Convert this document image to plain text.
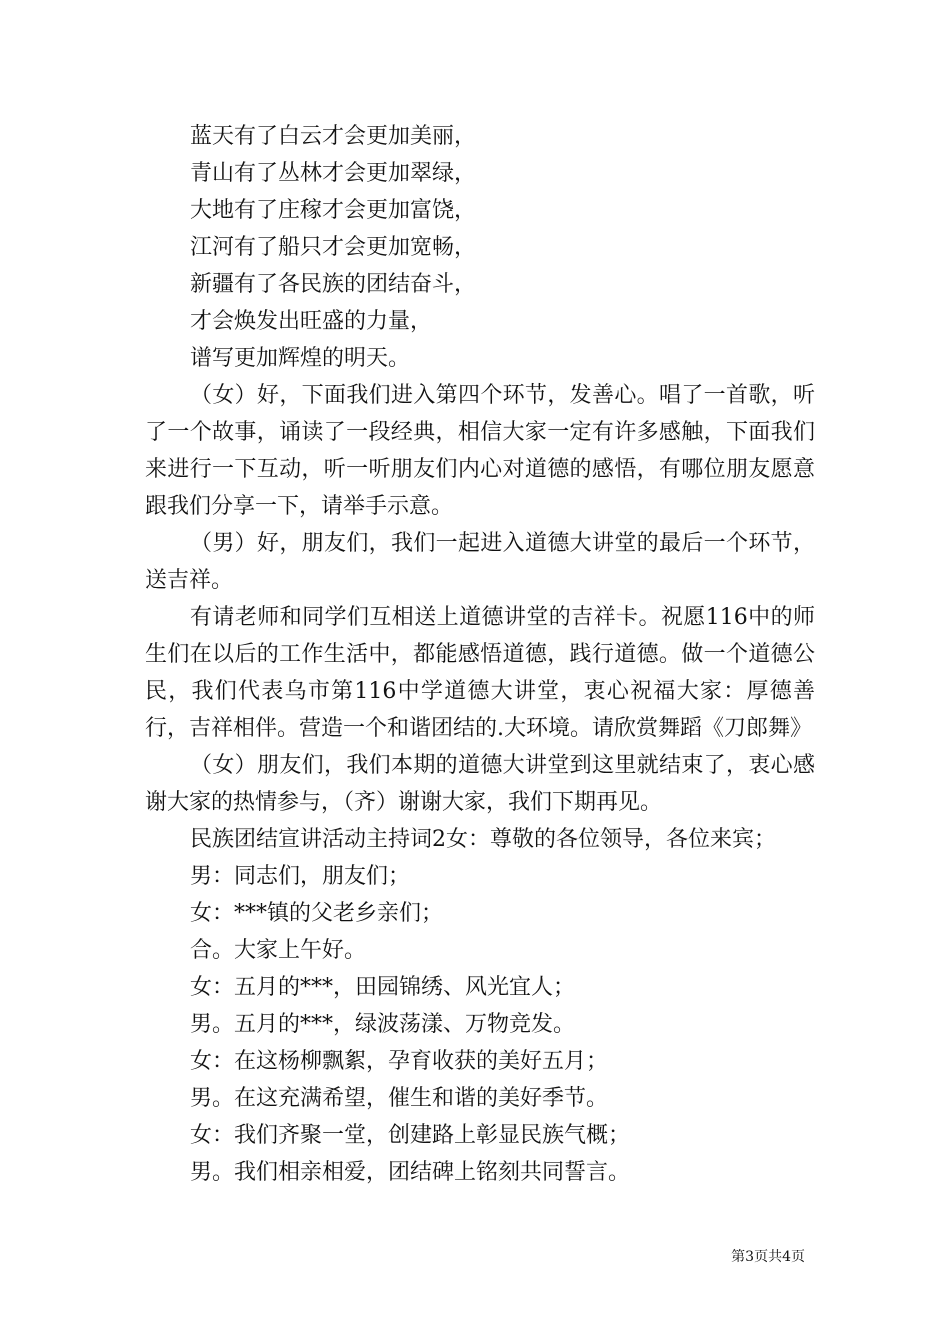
蓝天有了白云才会更加美丽，
青山有了丛林才会更加翠绿，
大地有了庄稼才会更加富饶，
江河有了船只才会更加宽畅，
新疆有了各民族的团结奋斗，
才会焕发出旺盛的力量，
谱写更加辉煌的明天。
（女）好，下面我们进入第四个环节，发善心。唱了一首歌，听了一个故事，诵读了一段经典，相信大家一定有许多感触，下面我们来进行一下互动，听一听朋友们内心对道德的感悟，有哪位朋友愿意跟我们分享一下，请举手示意。
（男）好，朋友们，我们一起进入道德大讲堂的最后一个环节，送吉祥。
有请老师和同学们互相送上道德讲堂的吉祥卡。祝愿116中的师生们在以后的工作生活中，都能感悟道德，践行道德。做一个道德公民，我们代表乌市第116中学道德大讲堂，衷心祝福大家：厚德善行，吉祥相伴。营造一个和谐团结的.大环境。请欣赏舞蹈《刀郎舞》
（女）朋友们，我们本期的道德大讲堂到这里就结束了，衷心感谢大家的热情参与，（齐）谢谢大家，我们下期再见。
民族团结宣讲活动主持词2女：尊敬的各位领导，各位来宾；
男：同志们，朋友们；
女：***镇的父老乡亲们；
合。大家上午好。
女：五月的***，田园锦绣、风光宜人；
男。五月的***，绿波荡漾、万物竞发。
女：在这杨柳飘絮，孕育收获的美好五月；
男。在这充满希望，催生和谐的美好季节。
女：我们齐聚一堂，创建路上彰显民族气概；
男。我们相亲相爱，团结碑上铭刻共同誓言。
第3页共4页
